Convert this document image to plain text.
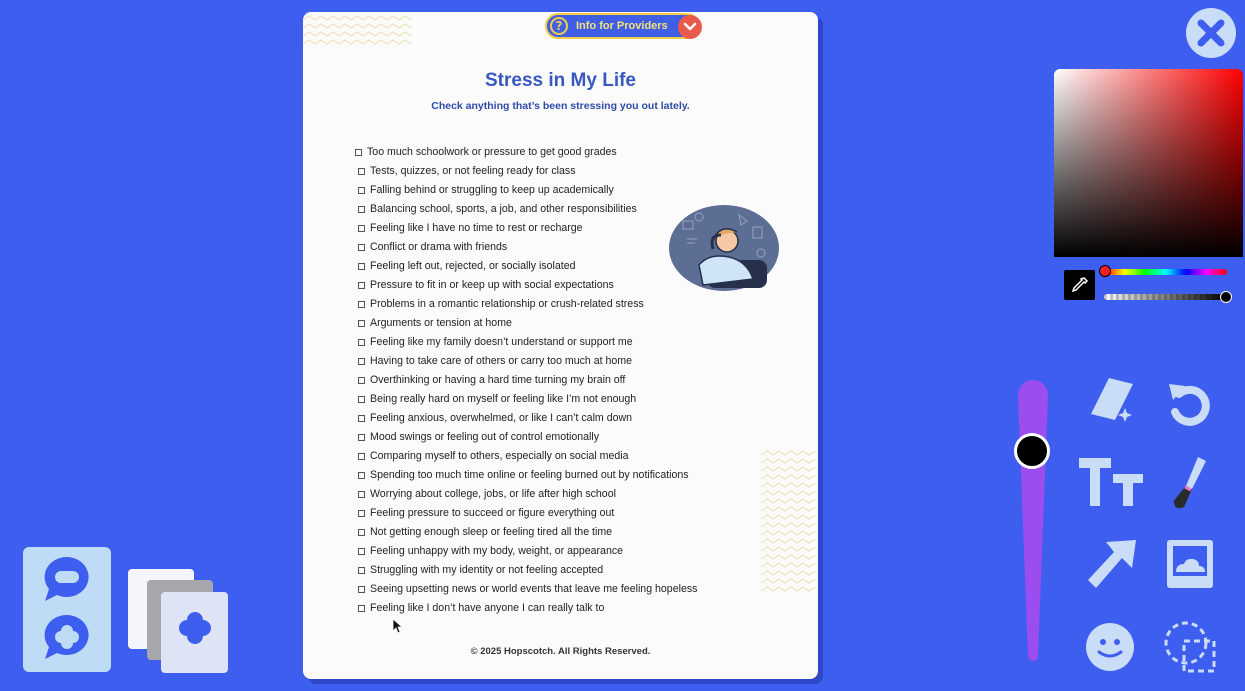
?	Info for Providers
Stress in My Life
Check anything that’s been stressing you out lately.
Too much schoolwork or pressure to get good grades
Tests, quizzes, or not feeling ready for class
Falling behind or struggling to keep up academically
Balancing school, sports, a job, and other responsibilities
Feeling like I have no time to rest or recharge
Conflict or drama with friends
Feeling left out, rejected, or socially isolated
Pressure to fit in or keep up with social expectations
Problems in a romantic relationship or crush-related stress
Arguments or tension at home
Feeling like my family doesn’t understand or support me
Having to take care of others or carry too much at home
Overthinking or having a hard time turning my brain off
Being really hard on myself or feeling like I’m not enough
Feeling anxious, overwhelmed, or like I can’t calm down
Mood swings or feeling out of control emotionally
Comparing myself to others, especially on social media
Spending too much time online or feeling burned out by notifications
Worrying about college, jobs, or life after high school
Feeling pressure to succeed or figure everything out
Not getting enough sleep or feeling tired all the time
Feeling unhappy with my body, weight, or appearance
Struggling with my identity or not feeling accepted
Seeing upsetting news or world events that leave me feeling hopeless
Feeling like I don’t have anyone I can really talk to
© 2025 Hopscotch. All Rights Reserved.
